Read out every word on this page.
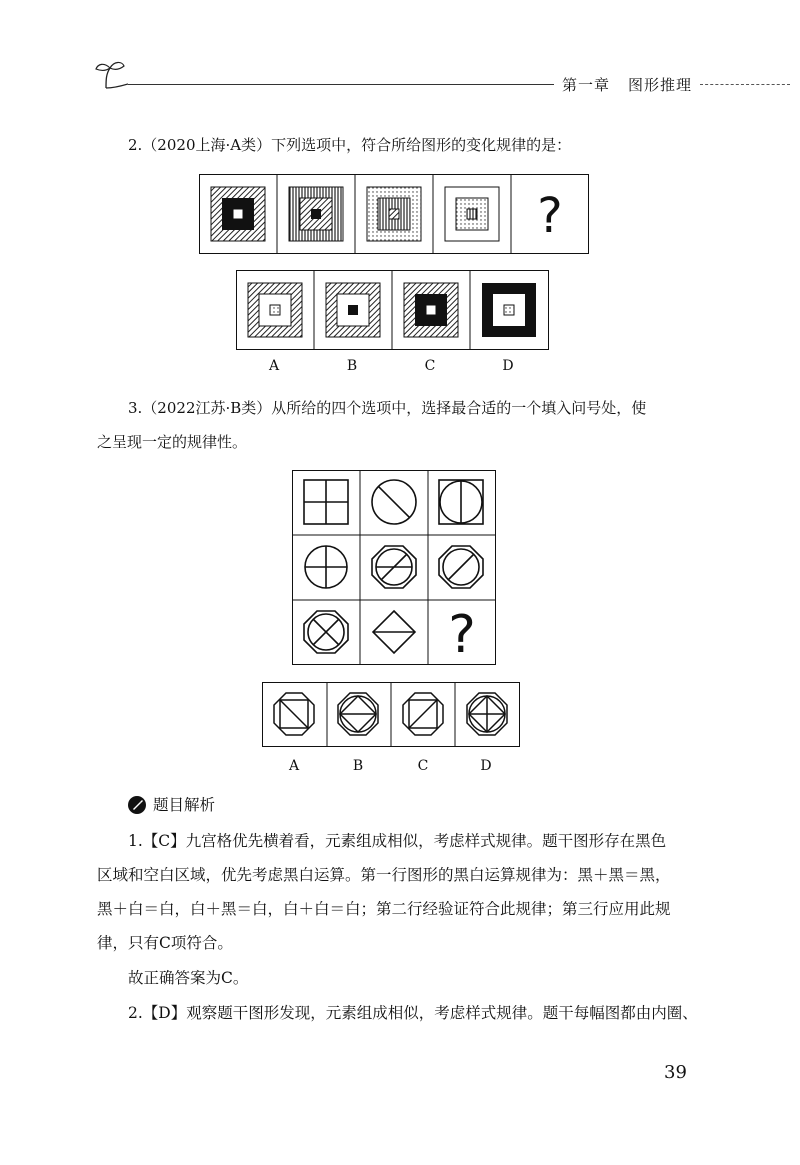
第一章 图形推理
2.（2020上海·A类）下列选项中，符合所给图形的变化规律的是：
?
A	B	C	D
3.（2022江苏·B类）从所给的四个选项中，选择最合适的一个填入问号处，使
之呈现一定的规律性。
?
A	B	C	D
题目解析
1.【C】九宫格优先横着看，元素组成相似，考虑样式规律。题干图形存在黑色
区域和空白区域，优先考虑黑白运算。第一行图形的黑白运算规律为：黑＋黑＝黑，
黑＋白＝白，白＋黑＝白，白＋白＝白；第二行经验证符合此规律；第三行应用此规
律，只有C项符合。
故正确答案为C。
2.【D】观察题干图形发现，元素组成相似，考虑样式规律。题干每幅图都由内圈、
39
